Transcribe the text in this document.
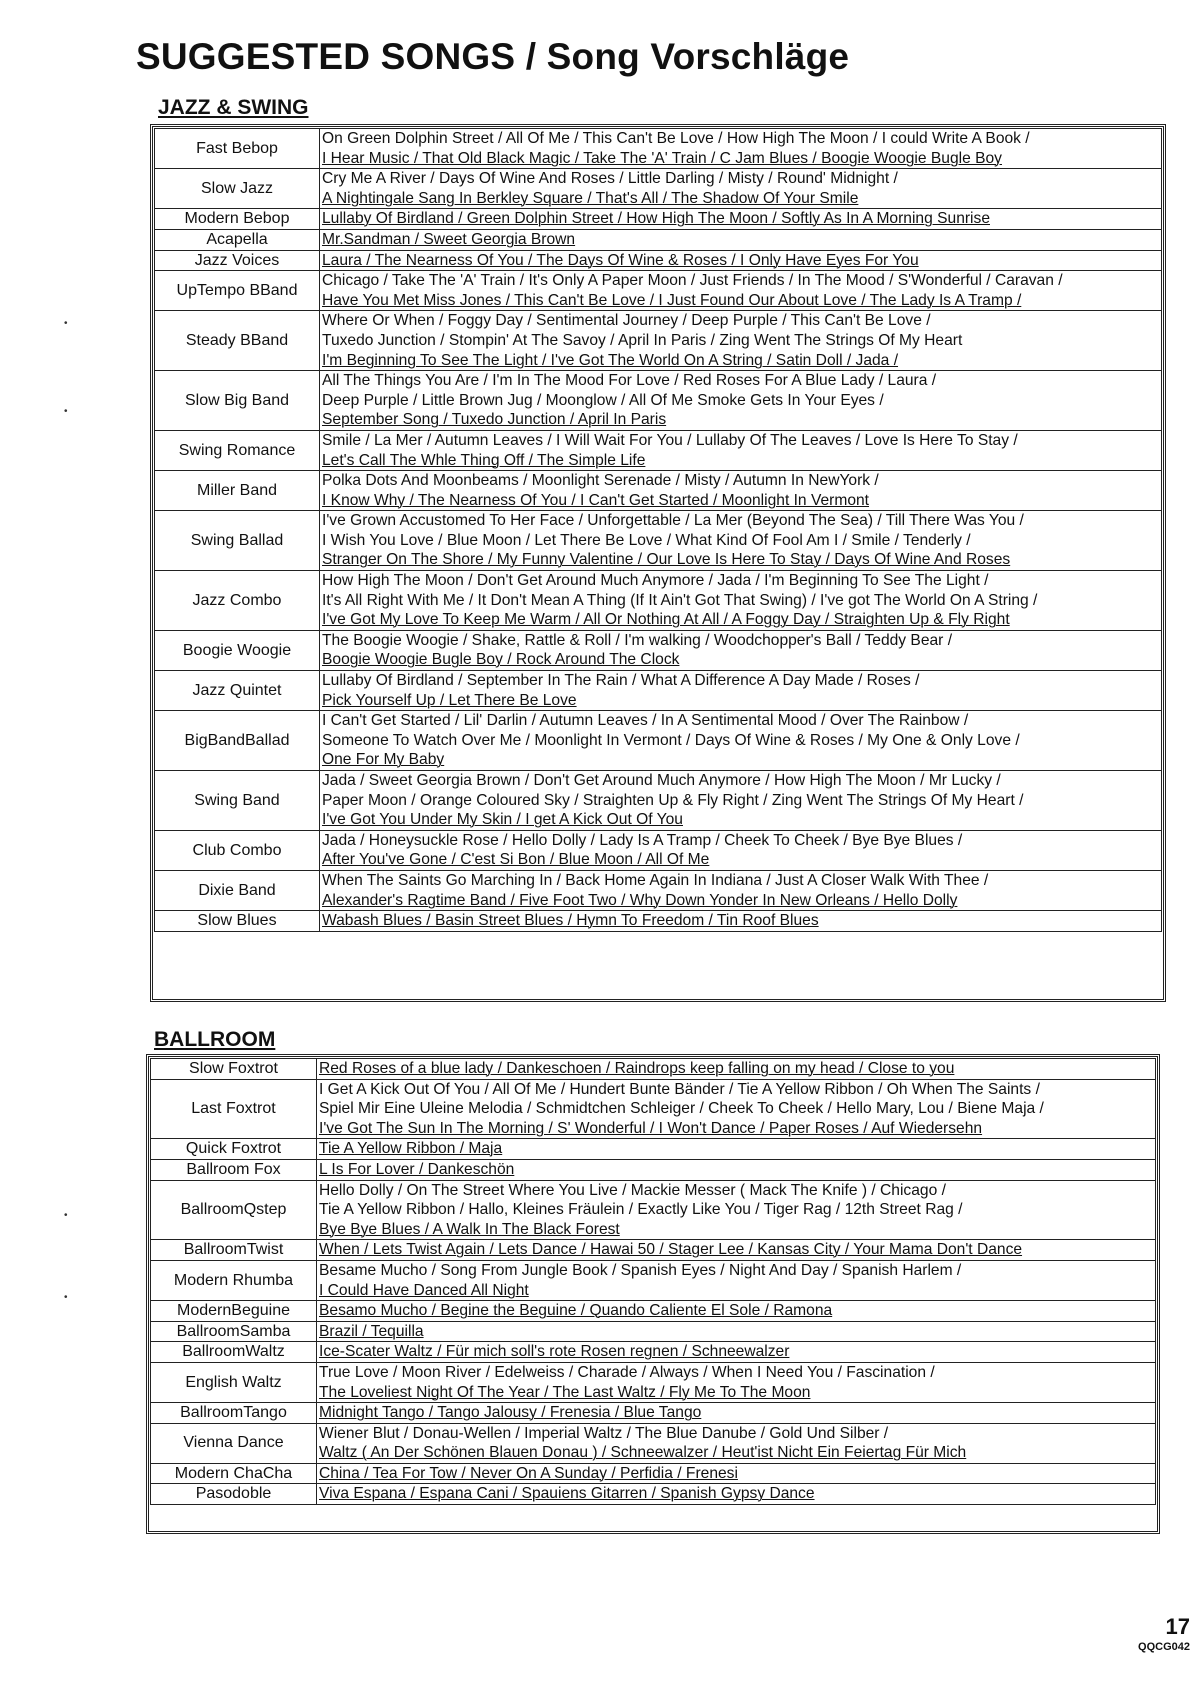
SUGGESTED SONGS / Song Vorschläge
JAZZ & SWING
Fast Bebop	On Green Dolphin Street / All Of Me / This Can't Be Love / How High The Moon / I could Write A Book /
I Hear Music / That Old Black Magic / Take The 'A' Train / C Jam Blues / Boogie Woogie Bugle Boy

Slow Jazz	Cry Me A River / Days Of Wine And Roses / Little Darling / Misty / Round' Midnight /
A Nightingale Sang In Berkley Square / That's All / The Shadow Of Your Smile

Modern Bebop	Lullaby Of Birdland / Green Dolphin Street / How High The Moon / Softly As In A Morning Sunrise

Acapella	Mr.Sandman / Sweet Georgia Brown

Jazz Voices	Laura / The Nearness Of You / The Days Of Wine & Roses / I Only Have Eyes For You

UpTempo BBand	Chicago / Take The 'A' Train / It's Only A Paper Moon / Just Friends / In The Mood / S'Wonderful / Caravan /
Have You Met Miss Jones / This Can't Be Love / I Just Found Our About Love / The Lady Is A Tramp /

Steady BBand	Where Or When / Foggy Day / Sentimental Journey / Deep Purple / This Can't Be Love /
Tuxedo Junction / Stompin' At The Savoy / April In Paris / Zing Went The Strings Of My Heart
I'm Beginning To See The Light / I've Got The World On A String / Satin Doll / Jada /

Slow Big Band	All The Things You Are / I'm In The Mood For Love / Red Roses For A Blue Lady / Laura /
Deep Purple / Little Brown Jug / Moonglow / All Of Me Smoke Gets In Your Eyes /
September Song / Tuxedo Junction / April In Paris

Swing Romance	Smile / La Mer / Autumn Leaves / I Will Wait For You / Lullaby Of The Leaves / Love Is Here To Stay /
Let's Call The Whle Thing Off / The Simple Life

Miller Band	Polka Dots And Moonbeams / Moonlight Serenade / Misty / Autumn In NewYork /
I Know Why / The Nearness Of You / I Can't Get Started / Moonlight In Vermont

Swing Ballad	I've Grown Accustomed To Her Face / Unforgettable / La Mer (Beyond The Sea) / Till There Was You /
I Wish You Love / Blue Moon / Let There Be Love / What Kind Of Fool Am I / Smile / Tenderly /
Stranger On The Shore / My Funny Valentine / Our Love Is Here To Stay / Days Of Wine And Roses

Jazz Combo	How High The Moon / Don't Get Around Much Anymore / Jada / I'm Beginning To See The Light /
It's All Right With Me / It Don't Mean A Thing (If It Ain't Got That Swing) / I've got The World On A String /
I've Got My Love To Keep Me Warm / All Or Nothing At All / A Foggy Day / Straighten Up & Fly Right

Boogie Woogie	The Boogie Woogie / Shake, Rattle & Roll / I'm walking / Woodchopper's Ball / Teddy Bear /
Boogie Woogie Bugle Boy / Rock Around The Clock

Jazz Quintet	Lullaby Of Birdland / September In The Rain / What A Difference A Day Made / Roses /
Pick Yourself Up / Let There Be Love

BigBandBallad	I Can't Get Started / Lil' Darlin / Autumn Leaves / In A Sentimental Mood / Over The Rainbow /
Someone To Watch Over Me / Moonlight In Vermont / Days Of Wine & Roses / My One & Only Love /
One For My Baby

Swing Band	Jada / Sweet Georgia Brown / Don't Get Around Much Anymore / How High The Moon / Mr Lucky /
Paper Moon / Orange Coloured Sky / Straighten Up & Fly Right / Zing Went The Strings Of My Heart /
I've Got You Under My Skin / I get A Kick Out Of You

Club Combo	Jada / Honeysuckle Rose / Hello Dolly / Lady Is A Tramp / Cheek To Cheek / Bye Bye Blues /
After You've Gone / C'est Si Bon / Blue Moon / All Of Me

Dixie Band	When The Saints Go Marching In / Back Home Again In Indiana / Just A Closer Walk With Thee /
Alexander's Ragtime Band / Five Foot Two / Why Down Yonder In New Orleans / Hello Dolly

Slow Blues	Wabash Blues / Basin Street Blues / Hymn To Freedom / Tin Roof Blues
BALLROOM
Slow Foxtrot	Red Roses of a blue lady / Dankeschoen / Raindrops keep falling on my head / Close to you

Last Foxtrot	I Get A Kick Out Of You / All Of Me / Hundert Bunte Bänder / Tie A Yellow Ribbon / Oh When The Saints /
Spiel Mir Eine Uleine Melodia / Schmidtchen Schleiger / Cheek To Cheek / Hello Mary, Lou / Biene Maja /
I've Got The Sun In The Morning / S' Wonderful / I Won't Dance / Paper Roses / Auf Wiedersehn

Quick Foxtrot	Tie A Yellow Ribbon / Maja

Ballroom Fox	L Is For Lover / Dankeschön

BallroomQstep	Hello Dolly / On The Street Where You Live / Mackie Messer ( Mack The Knife ) / Chicago /
Tie A Yellow Ribbon / Hallo, Kleines Fräulein / Exactly Like You / Tiger Rag / 12th Street Rag /
Bye Bye Blues / A Walk In The Black Forest

BallroomTwist	When / Lets Twist Again / Lets Dance / Hawai 50 / Stager Lee / Kansas City / Your Mama Don't Dance

Modern Rhumba	Besame Mucho / Song From Jungle Book / Spanish Eyes / Night And Day / Spanish Harlem /
I Could Have Danced All Night

ModernBeguine	Besamo Mucho / Begine the Beguine / Quando Caliente El Sole / Ramona

BallroomSamba	Brazil / Tequilla

BallroomWaltz	Ice-Scater Waltz / Für mich soll's rote Rosen regnen / Schneewalzer

English Waltz	True Love / Moon River / Edelweiss / Charade / Always / When I Need You / Fascination /
The Loveliest Night Of The Year / The Last Waltz / Fly Me To The Moon

BallroomTango	Midnight Tango / Tango Jalousy / Frenesia / Blue Tango

Vienna Dance	Wiener Blut / Donau-Wellen / Imperial Waltz / The Blue Danube / Gold Und Silber /
Waltz ( An Der Schönen Blauen Donau ) / Schneewalzer / Heut'ist Nicht Ein Feiertag Für Mich

Modern ChaCha	China / Tea For Tow / Never On A Sunday / Perfidia / Frenesi

Pasodoble	Viva Espana / Espana Cani / Spauiens Gitarren / Spanish Gypsy Dance
•
•
•
•
17
QQCG042
